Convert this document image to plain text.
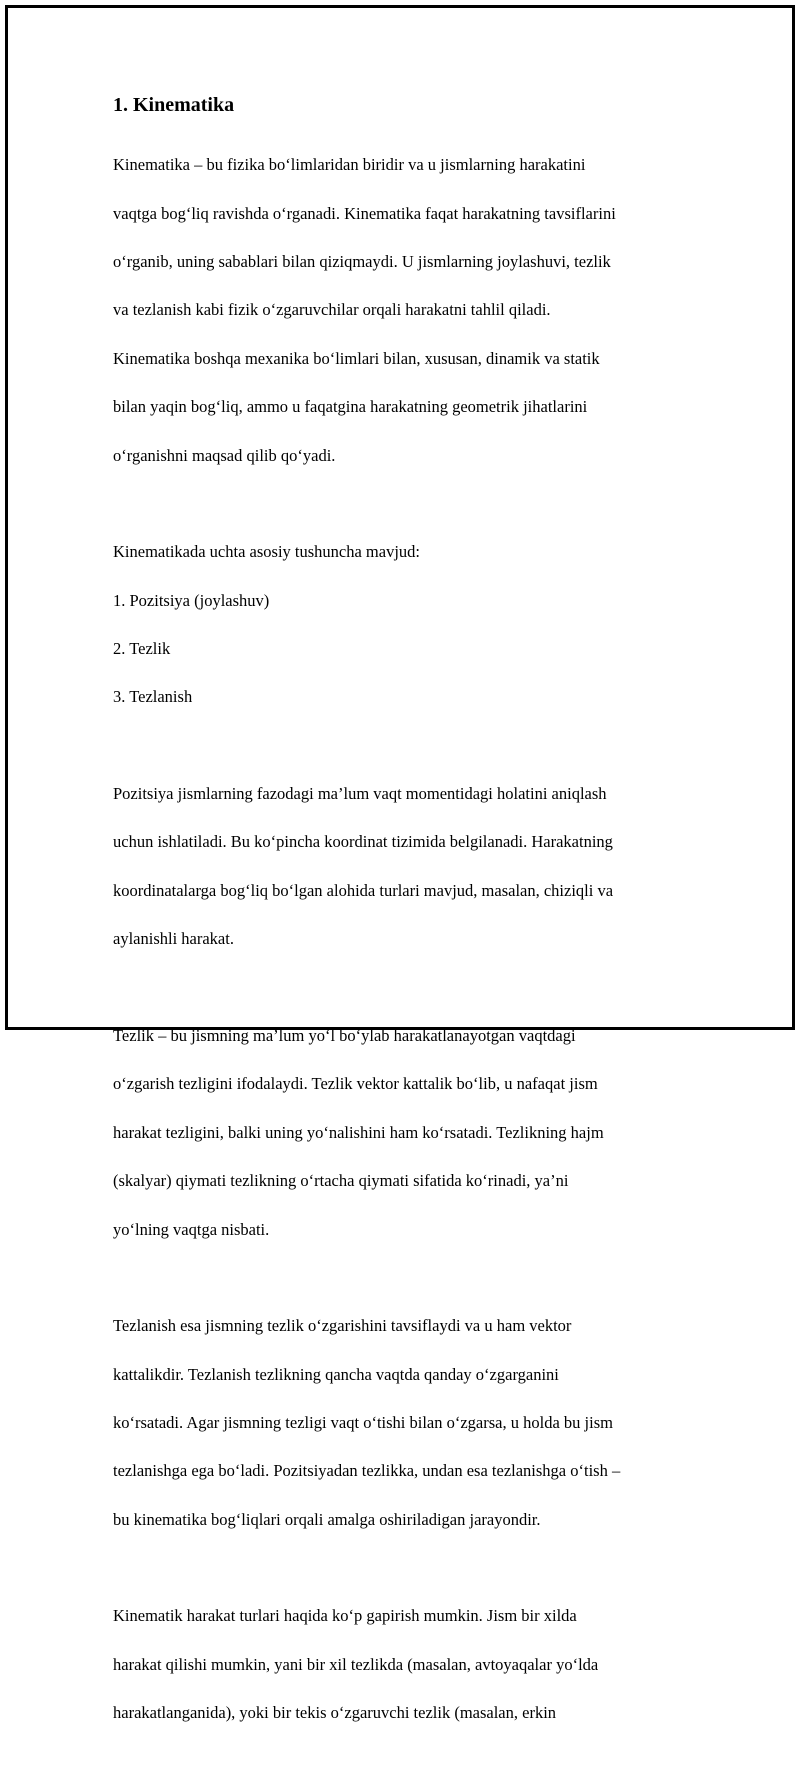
1. Kinematika

Kinematika – bu fizika bo‘limlaridan biridir va u jismlarning harakatini

vaqtga bog‘liq ravishda o‘rganadi. Kinematika faqat harakatning tavsiflarini

o‘rganib, uning sabablari bilan qiziqmaydi. U jismlarning joylashuvi, tezlik

va tezlanish kabi fizik o‘zgaruvchilar orqali harakatni tahlil qiladi.

Kinematika boshqa mexanika bo‘limlari bilan, xususan, dinamik va statik

bilan yaqin bog‘liq, ammo u faqatgina harakatning geometrik jihatlarini

o‘rganishni maqsad qilib qo‘yadi.

Kinematikada uchta asosiy tushuncha mavjud:

1. Pozitsiya (joylashuv)

2. Tezlik

3. Tezlanish

Pozitsiya jismlarning fazodagi ma’lum vaqt momentidagi holatini aniqlash

uchun ishlatiladi. Bu ko‘pincha koordinat tizimida belgilanadi. Harakatning

koordinatalarga bog‘liq bo‘lgan alohida turlari mavjud, masalan, chiziqli va

aylanishli harakat.

Tezlik – bu jismning ma’lum yo‘l bo‘ylab harakatlanayotgan vaqtdagi

o‘zgarish tezligini ifodalaydi. Tezlik vektor kattalik bo‘lib, u nafaqat jism

harakat tezligini, balki uning yo‘nalishini ham ko‘rsatadi. Tezlikning hajm

(skalyar) qiymati tezlikning o‘rtacha qiymati sifatida ko‘rinadi, ya’ni

yo‘lning vaqtga nisbati.

Tezlanish esa jismning tezlik o‘zgarishini tavsiflaydi va u ham vektor

kattalikdir. Tezlanish tezlikning qancha vaqtda qanday o‘zgarganini

ko‘rsatadi. Agar jismning tezligi vaqt o‘tishi bilan o‘zgarsa, u holda bu jism

tezlanishga ega bo‘ladi. Pozitsiyadan tezlikka, undan esa tezlanishga o‘tish –

bu kinematika bog‘liqlari orqali amalga oshiriladigan jarayondir.

Kinematik harakat turlari haqida ko‘p gapirish mumkin. Jism bir xilda

harakat qilishi mumkin, yani bir xil tezlikda (masalan, avtoyaqalar yo‘lda

harakatlanganida), yoki bir tekis o‘zgaruvchi tezlik (masalan, erkin
